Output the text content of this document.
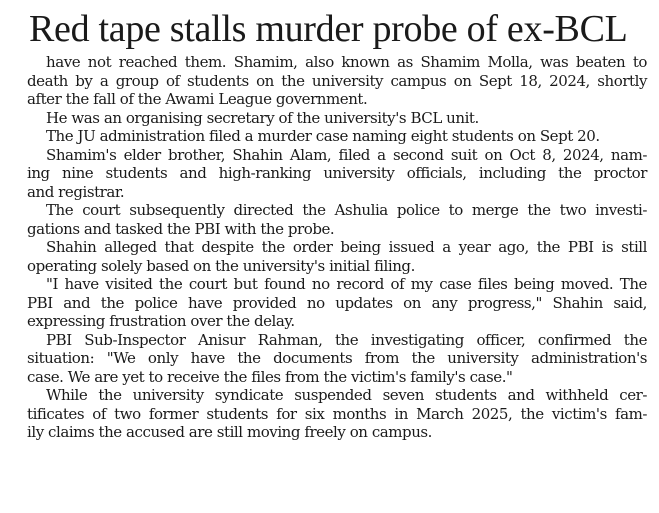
Red tape stalls murder probe of ex-BCL
have not reached them. Shamim, also known as Shamim Molla, was beaten to
death by a group of students on the university campus on Sept 18, 2024, shortly
after the fall of the Awami League government.
He was an organising secretary of the university's BCL unit.
The JU administration filed a murder case naming eight students on Sept 20.
Shamim's elder brother, Shahin Alam, filed a second suit on Oct 8, 2024, nam-
ing nine students and high-ranking university officials, including the proctor
and registrar.
The court subsequently directed the Ashulia police to merge the two investi-
gations and tasked the PBI with the probe.
Shahin alleged that despite the order being issued a year ago, the PBI is still
operating solely based on the university's initial filing.
"I have visited the court but found no record of my case files being moved. The
PBI and the police have provided no updates on any progress," Shahin said,
expressing frustration over the delay.
PBI Sub-Inspector Anisur Rahman, the investigating officer, confirmed the
situation: "We only have the documents from the university administration's
case. We are yet to receive the files from the victim's family's case."
While the university syndicate suspended seven students and withheld cer-
tificates of two former students for six months in March 2025, the victim's fam-
ily claims the accused are still moving freely on campus.
